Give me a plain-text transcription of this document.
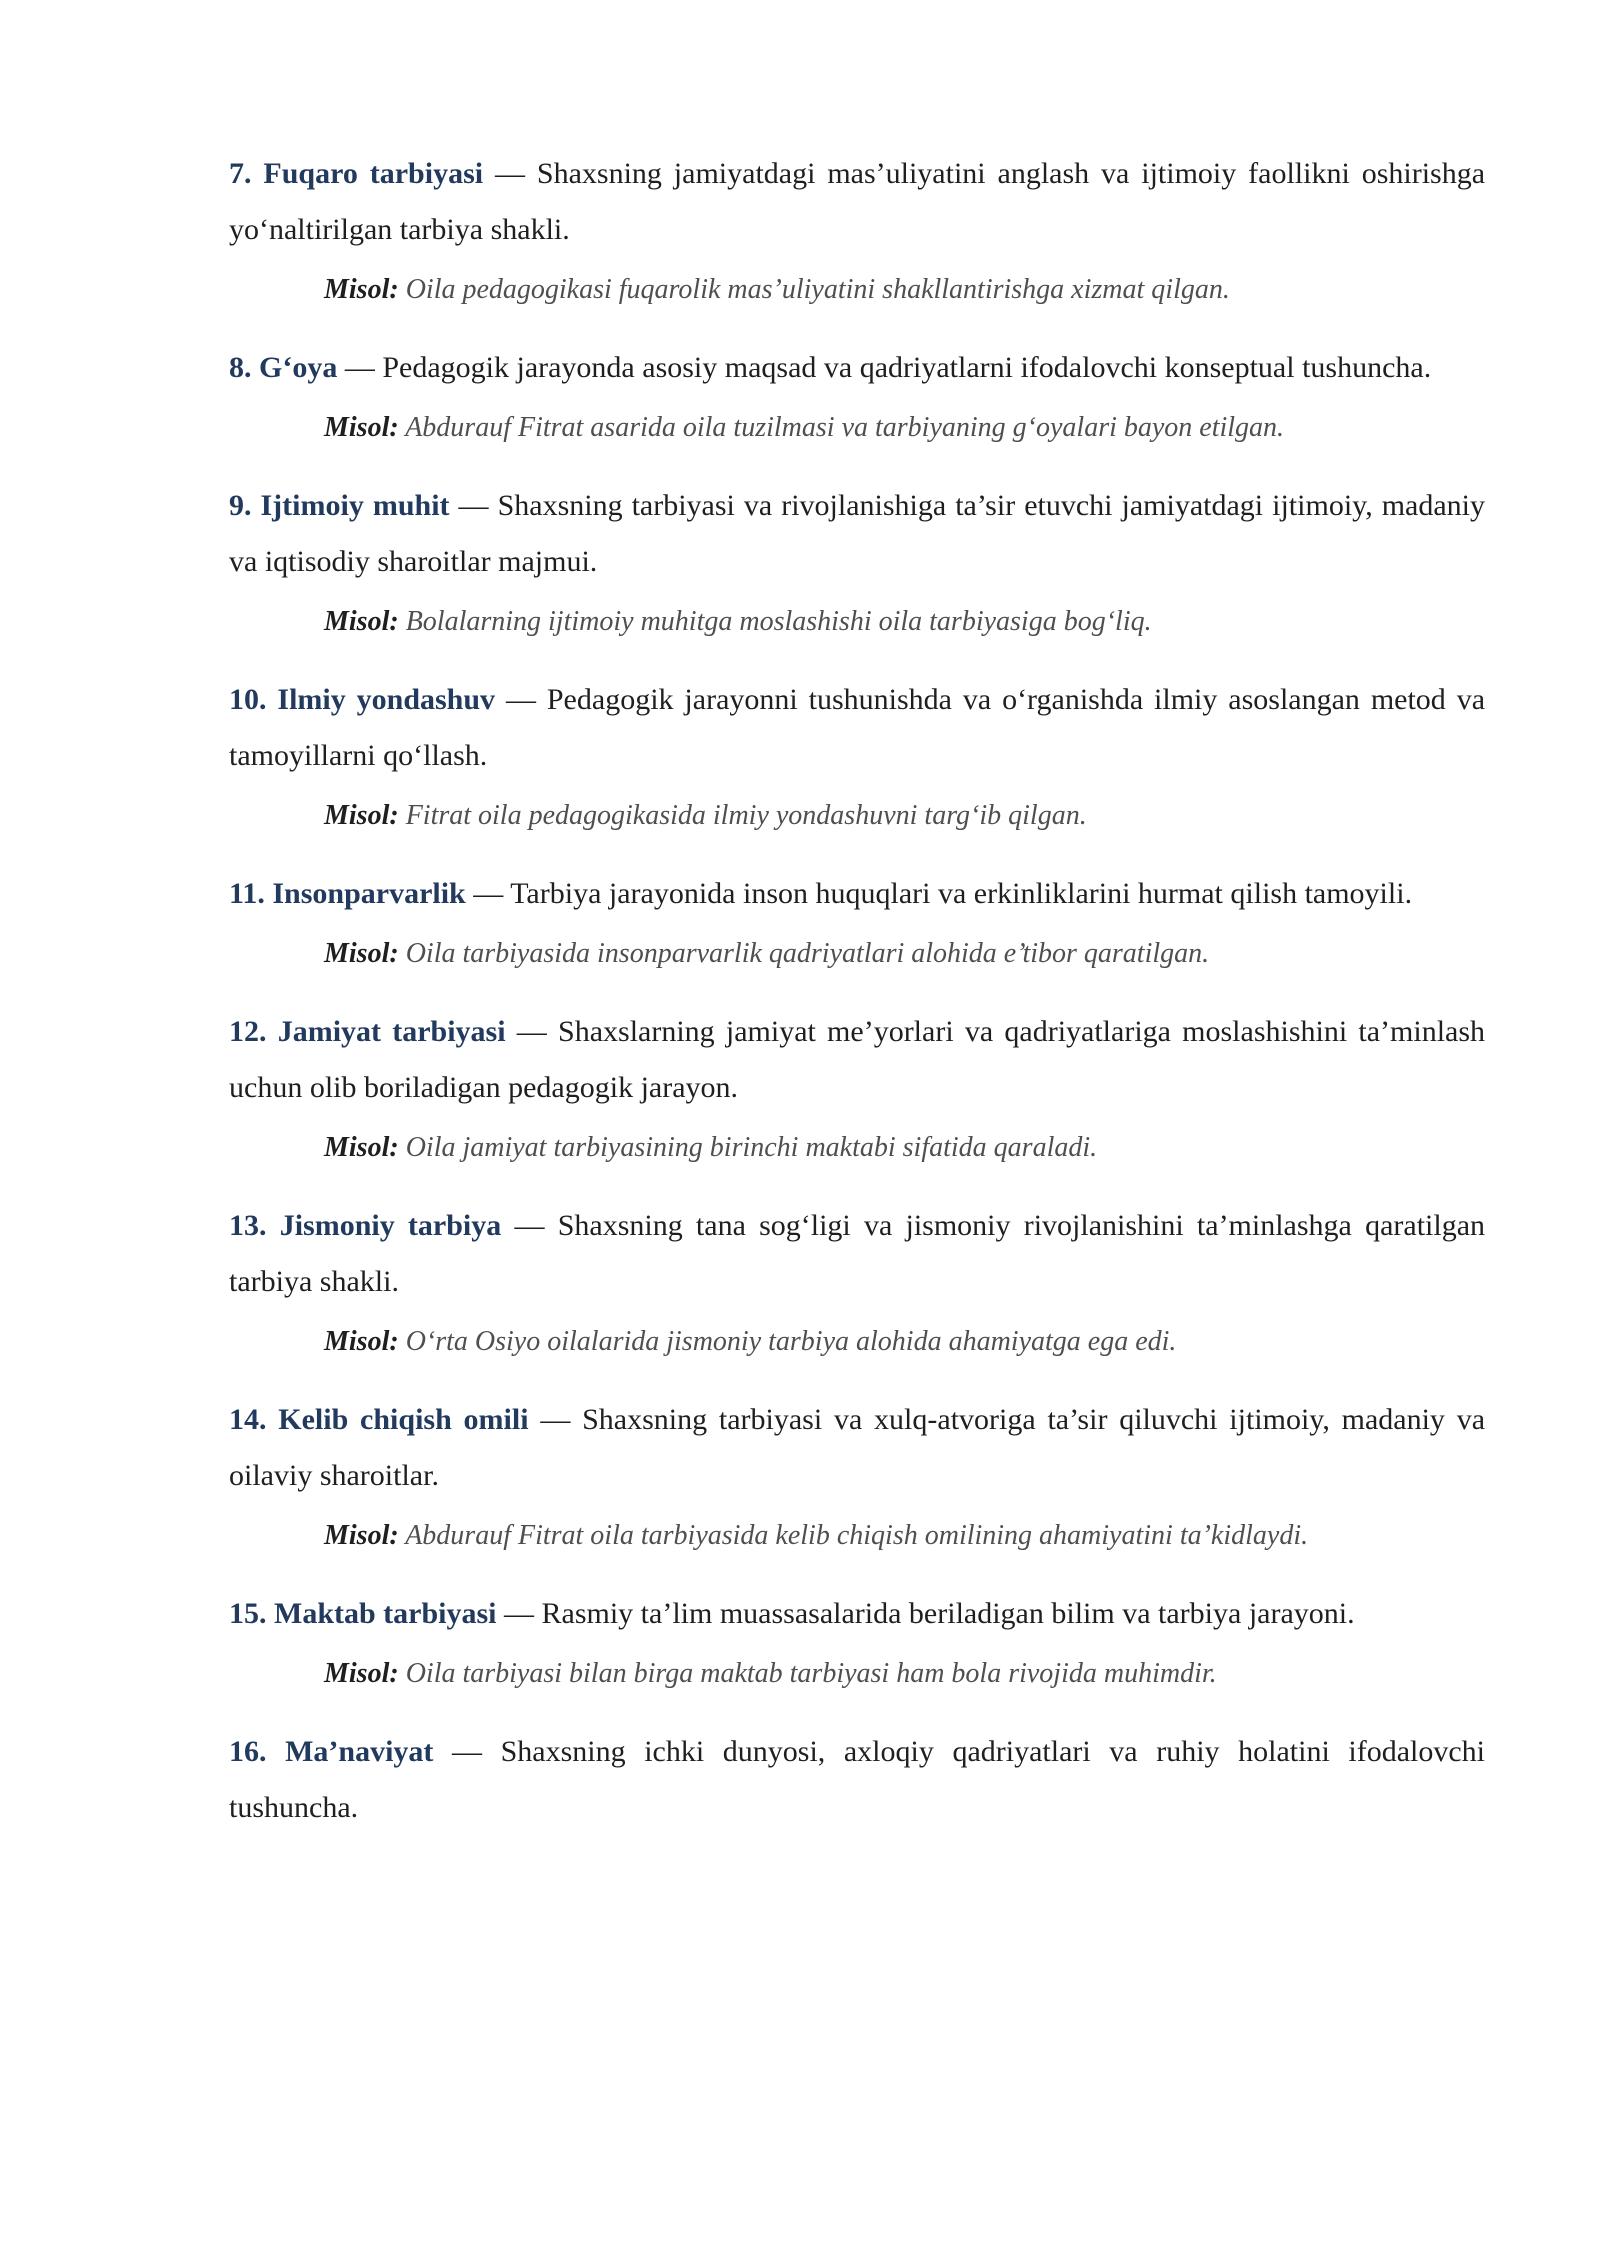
7. Fuqaro tarbiyasi — Shaxsning jamiyatdagi mas’uliyatini anglash va ijtimoiy faollikni oshirishga yo‘naltirilgan tarbiya shakli.

Misol: Oila pedagogikasi fuqarolik mas’uliyatini shakllantirishga xizmat qilgan.

8. G‘oya — Pedagogik jarayonda asosiy maqsad va qadriyatlarni ifodalovchi konseptual tushuncha.

Misol: Abdurauf Fitrat asarida oila tuzilmasi va tarbiyaning g‘oyalari bayon etilgan.

9. Ijtimoiy muhit — Shaxsning tarbiyasi va rivojlanishiga ta’sir etuvchi jamiyatdagi ijtimoiy, madaniy va iqtisodiy sharoitlar majmui.

Misol: Bolalarning ijtimoiy muhitga moslashishi oila tarbiyasiga bog‘liq.

10. Ilmiy yondashuv — Pedagogik jarayonni tushunishda va o‘rganishda ilmiy asoslangan metod va tamoyillarni qo‘llash.

Misol: Fitrat oila pedagogikasida ilmiy yondashuvni targ‘ib qilgan.

11. Insonparvarlik — Tarbiya jarayonida inson huquqlari va erkinliklarini hurmat qilish tamoyili.

Misol: Oila tarbiyasida insonparvarlik qadriyatlari alohida e’tibor qaratilgan.

12. Jamiyat tarbiyasi — Shaxslarning jamiyat me’yorlari va qadriyatlariga moslashishini ta’minlash uchun olib boriladigan pedagogik jarayon.

Misol: Oila jamiyat tarbiyasining birinchi maktabi sifatida qaraladi.

13. Jismoniy tarbiya — Shaxsning tana sog‘ligi va jismoniy rivojlanishini ta’minlashga qaratilgan tarbiya shakli.

Misol: O‘rta Osiyo oilalarida jismoniy tarbiya alohida ahamiyatga ega edi.

14. Kelib chiqish omili — Shaxsning tarbiyasi va xulq-atvoriga ta’sir qiluvchi ijtimoiy, madaniy va oilaviy sharoitlar.

Misol: Abdurauf Fitrat oila tarbiyasida kelib chiqish omilining ahamiyatini ta’kidlaydi.

15. Maktab tarbiyasi — Rasmiy ta’lim muassasalarida beriladigan bilim va tarbiya jarayoni.

Misol: Oila tarbiyasi bilan birga maktab tarbiyasi ham bola rivojida muhimdir.

16. Ma’naviyat — Shaxsning ichki dunyosi, axloqiy qadriyatlari va ruhiy holatini ifodalovchi tushuncha.
